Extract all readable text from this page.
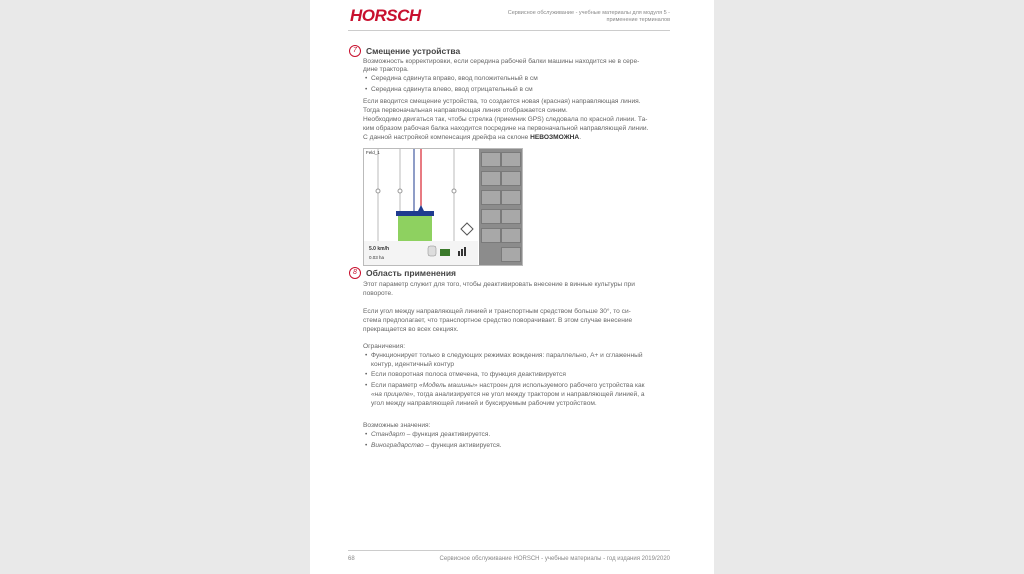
HORSCH	Сервисное обслуживание - учебные материалы для модуля 5 -
применение терминалов
7	Смещение устройства
Возможность корректировки, если середина рабочей балки машины находится не в сере-
дине трактора.
• Середина сдвинута вправо, ввод положительный в см
• Середина сдвинута влево, ввод отрицательный в см
Если вводится смещение устройства, то создается новая (красная) направляющая линия.
Тогда первоначальная направляющая линия отображается синим.
Необходимо двигаться так, чтобы стрелка (приемник GPS) следовала по красной линии. Та-
ким образом рабочая балка находится посредине на первоначальной направляющей линии.
С данной настройкой компенсация дрейфа на склоне НЕВОЗМОЖНА.
Feld_1
5.0 km/h
0.03 ha
8	Область применения
Этот параметр служит для того, чтобы деактивировать внесение в винные культуры при
повороте.
Если угол между направляющей линией и транспортным средством больше 30°, то си-
стема предполагает, что транспортное средство поворачивает. В этом случае внесение
прекращается во всех секциях.
Ограничения:
• Функционирует только в следующих режимах вождения: параллельно, A+ и сглаженный
контур, идентичный контур
• Если поворотная полоса отмечена, то функция деактивируется
• Если параметр «Модель машины» настроен для используемого рабочего устройства как
«на прицепе», тогда анализируется не угол между трактором и направляющей линией, а
угол между направляющей линией и буксируемым рабочим устройством.
Возможные значения:
• Стандарт – функция деактивируется.
• Виноградарство – функция активируется.
68	Сервисное обслуживание HORSCH - учебные материалы - год издания 2019/2020
